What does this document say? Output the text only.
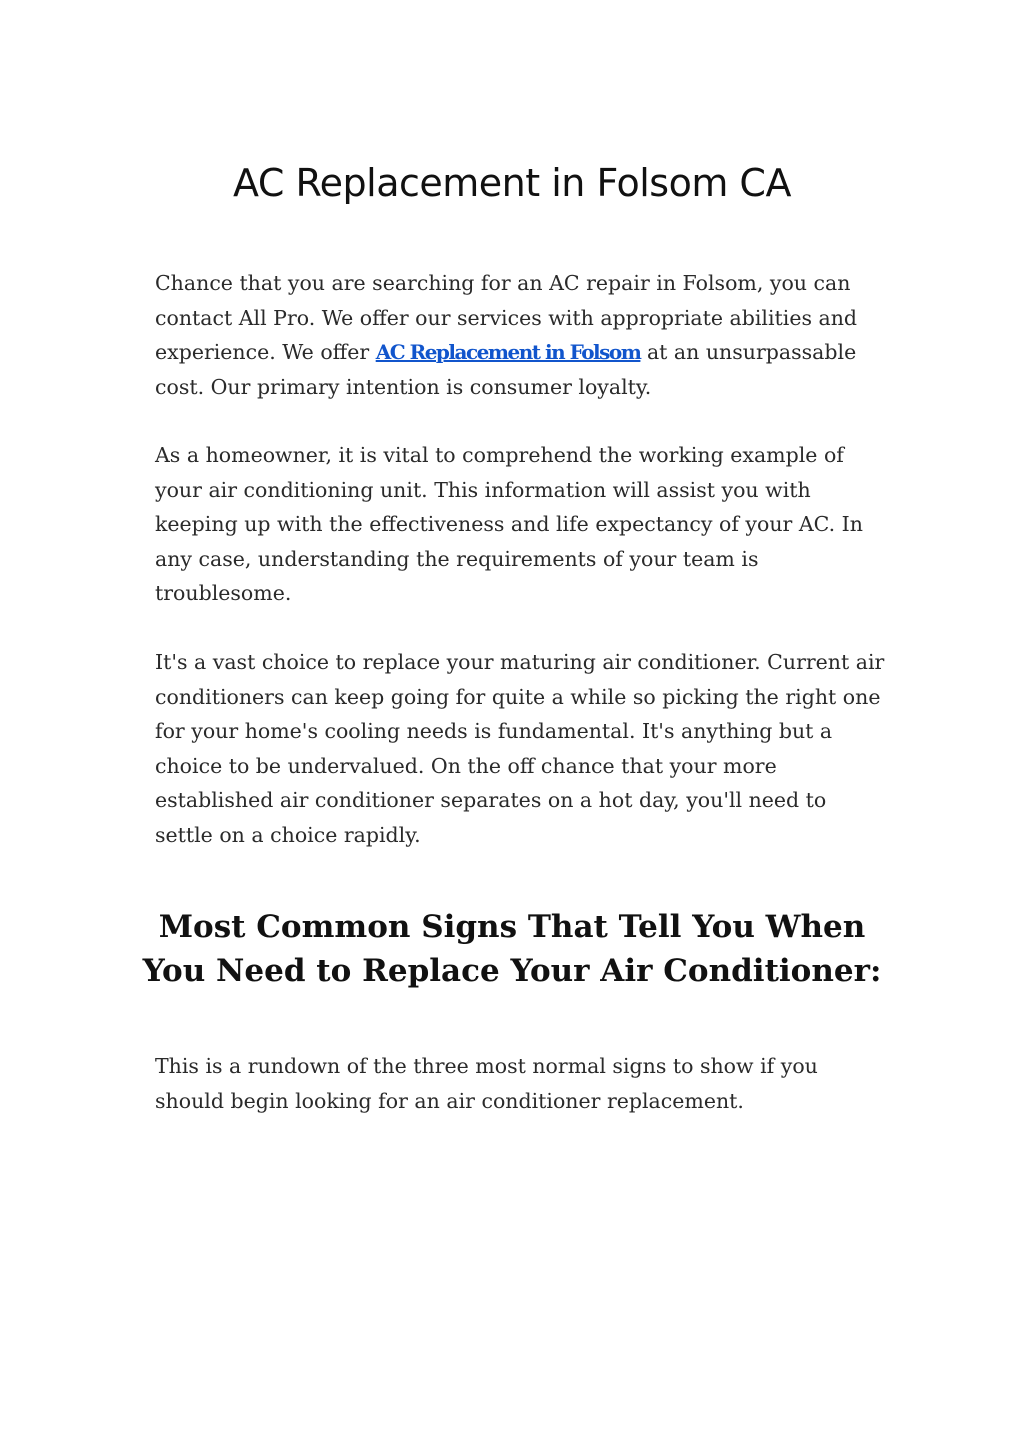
AC Replacement in Folsom CA

Chance that you are searching for an AC repair in Folsom, you can contact All Pro. We offer our services with appropriate abilities and experience. We offer AC Replacement in Folsom at an unsurpassable cost. Our primary intention is consumer loyalty.

As a homeowner, it is vital to comprehend the working example of your air conditioning unit. This information will assist you with keeping up with the effectiveness and life expectancy of your AC. In any case, understanding the requirements of your team is troublesome.

It's a vast choice to replace your maturing air conditioner. Current air conditioners can keep going for quite a while so picking the right one for your home's cooling needs is fundamental. It's anything but a choice to be undervalued. On the off chance that your more established air conditioner separates on a hot day, you'll need to settle on a choice rapidly.

Most Common Signs That Tell You When You Need to Replace Your Air Conditioner:

This is a rundown of the three most normal signs to show if you should begin looking for an air conditioner replacement.
